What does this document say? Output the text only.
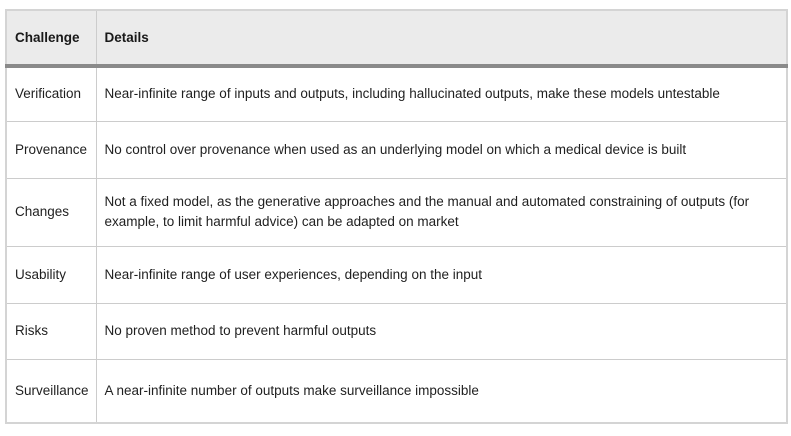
Challenge	Details
Verification	Near-infinite range of inputs and outputs, including hallucinated outputs, make these models untestable
Provenance	No control over provenance when used as an underlying model on which a medical device is built
Changes	Not a fixed model, as the generative approaches and the manual and automated constraining of outputs (for example, to limit harmful advice) can be adapted on market
Usability	Near-infinite range of user experiences, depending on the input
Risks	No proven method to prevent harmful outputs
Surveillance	A near-infinite number of outputs make surveillance impossible
